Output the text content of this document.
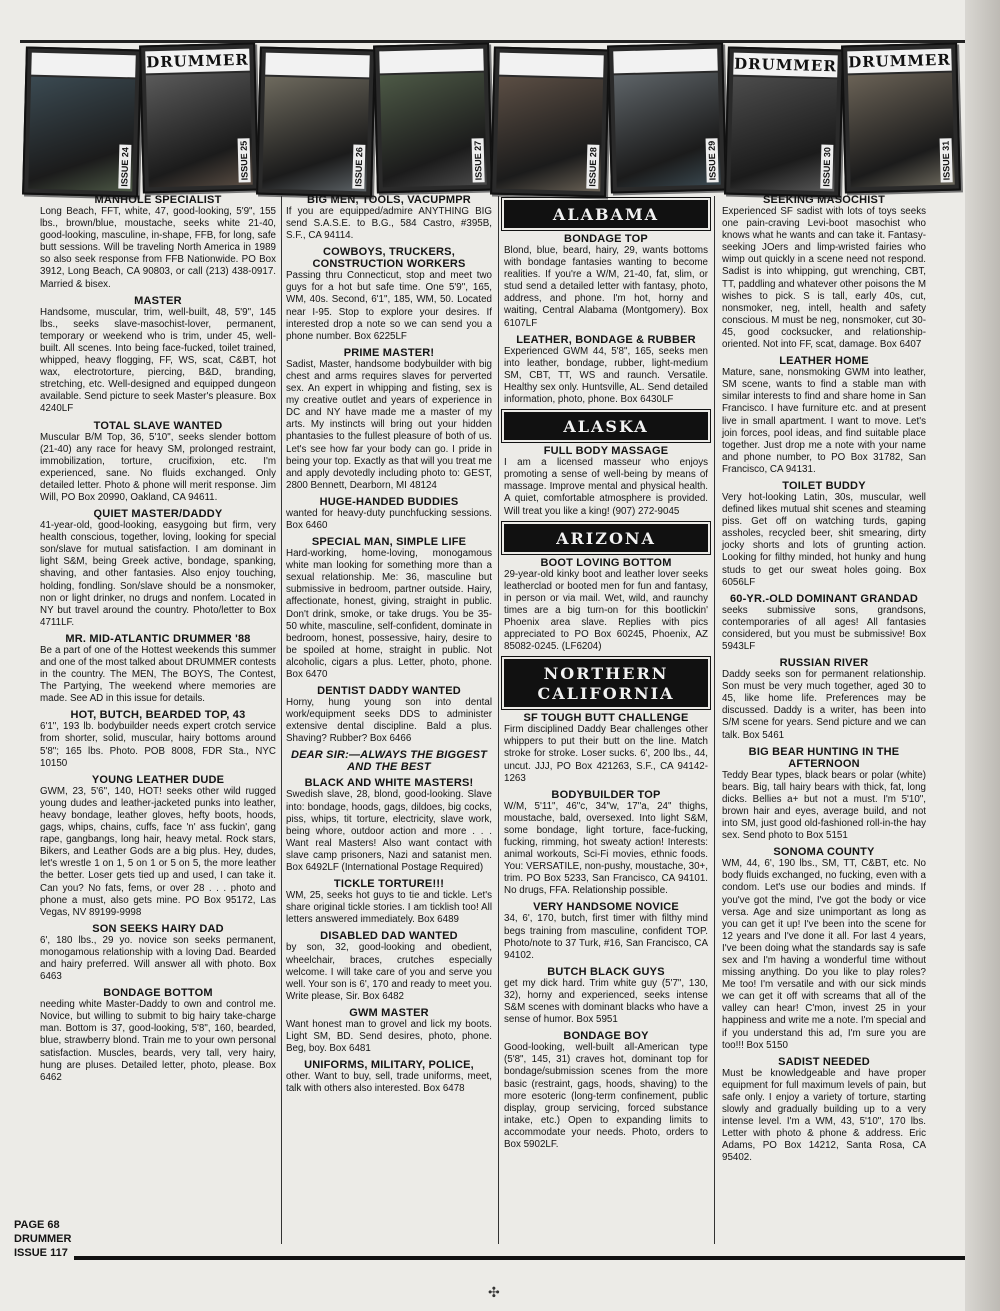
ISSUE 24
DRUMMER
ISSUE 25	ISSUE 26	ISSUE 27	ISSUE 28	ISSUE 29
DRUMMER
ISSUE 30
DRUMMER
ISSUE 31
MANHOLE SPECIALIST

Long Beach, FFT, white, 47, good-looking, 5'9", 155 lbs., brown/blue, moustache, seeks white 21-40, good-looking, masculine, in-shape, FFB, for long, safe butt sessions. Will be traveling North America in 1989 so also seek response from FFB Nationwide. PO Box 3912, Long Beach, CA 90803, or call (213) 438-0917. Married & bisex.

MASTER

Handsome, muscular, trim, well-built, 48, 5'9", 145 lbs., seeks slave-masochist-lover, permanent, temporary or weekend who is trim, under 45, well-built. All scenes. Into being face-fucked, toilet trained, whipped, heavy flogging, FF, WS, scat, C&BT, hot wax, electrotorture, piercing, B&D, branding, stretching, etc. Well-designed and equipped dungeon available. Send picture to seek Master's pleasure. Box 4240LF

TOTAL SLAVE WANTED

Muscular B/M Top, 36, 5'10", seeks slender bottom (21-40) any race for heavy SM, prolonged restraint, immobilization, torture, crucifixion, etc. I'm experienced, sane. No fluids exchanged. Only detailed letter. Photo & phone will merit response. Jim Will, PO Box 20990, Oakland, CA 94611.

QUIET MASTER/DADDY

41-year-old, good-looking, easygoing but firm, very health conscious, together, loving, looking for special son/slave for mutual satisfaction. I am dominant in light S&M, being Greek active, bondage, spanking, shaving, and other fantasies. Also enjoy touching, holding, fondling. Son/slave should be a nonsmoker, non or light drinker, no drugs and nonfem. Located in NY but travel around the country. Photo/letter to Box 4711LF.

MR. MID-ATLANTIC DRUMMER '88

Be a part of one of the Hottest weekends this summer and one of the most talked about DRUMMER contests in the country. The MEN, The BOYS, The Contest, The Partying, The weekend where memories are made. See AD in this issue for details.

HOT, BUTCH, BEARDED TOP, 43

6'1", 193 lb. bodybuilder needs expert crotch service from shorter, solid, muscular, hairy bottoms around 5'8"; 165 lbs. Photo. POB 8008, FDR Sta., NYC 10150

YOUNG LEATHER DUDE

GWM, 23, 5'6", 140, HOT! seeks other wild rugged young dudes and leather-jacketed punks into leather, heavy bondage, leather gloves, hefty boots, hoods, gags, whips, chains, cuffs, face 'n' ass fuckin', gang rape, gangbangs, long hair, heavy metal. Rock stars, Bikers, and Leather Gods are a big plus. Hey, dudes, let's wrestle 1 on 1, 5 on 1 or 5 on 5, the more leather the better. Loser gets tied up and used, I can take it. Can you? No fats, fems, or over 28 . . . photo and phone a must, also gets mine. PO Box 95172, Las Vegas, NV 89199-9998

SON SEEKS HAIRY DAD

6', 180 lbs., 29 yo. novice son seeks permanent, monogamous relationship with a loving Dad. Bearded and hairy preferred. Will answer all with photo. Box 6463

BONDAGE BOTTOM

needing white Master-Daddy to own and control me. Novice, but willing to submit to big hairy take-charge man. Bottom is 37, good-looking, 5'8", 160, bearded, blue, strawberry blond. Train me to your own personal satisfaction. Muscles, beards, very tall, very hairy, hung are pluses. Detailed letter, photo, please. Box 6462

BIG MEN, TOOLS, VACUPMPR

If you are equipped/admire ANYTHING BIG send S.A.S.E. to B.G., 584 Castro, #395B, S.F., CA 94114.

COWBOYS, TRUCKERS, CONSTRUCTION WORKERS

Passing thru Connecticut, stop and meet two guys for a hot but safe time. One 5'9", 165, WM, 40s. Second, 6'1", 185, WM, 50. Located near I-95. Stop to explore your desires. If interested drop a note so we can send you a phone number. Box 6225LF

PRIME MASTER!

Sadist, Master, handsome bodybuilder with big chest and arms requires slaves for perverted sex. An expert in whipping and fisting, sex is my creative outlet and years of experience in DC and NY have made me a master of my arts. My instincts will bring out your hidden phantasies to the fullest pleasure of both of us. Let's see how far your body can go. I pride in being your top. Exactly as that will you treat me and apply devotedly including photo to: GEST, 2800 Bennett, Dearborn, MI 48124

HUGE-HANDED BUDDIES

wanted for heavy-duty punchfucking sessions. Box 6460

SPECIAL MAN, SIMPLE LIFE

Hard-working, home-loving, monogamous white man looking for something more than a sexual relationship. Me: 36, masculine but submissive in bedroom, partner outside. Hairy, affectionate, honest, giving, straight in public. Don't drink, smoke, or take drugs. You be 35-50 white, masculine, self-confident, dominate in bedroom, honest, possessive, hairy, desire to be spoiled at home, straight in public. Not alcoholic, cigars a plus. Letter, photo, phone. Box 6470

DENTIST DADDY WANTED

Horny, hung young son into dental work/equipment seeks DDS to administer extensive dental discipline. Bald a plus. Shaving? Rubber? Box 6466

DEAR SIR:—ALWAYS THE BIGGEST AND THE BEST
BLACK AND WHITE MASTERS!

Swedish slave, 28, blond, good-looking. Slave into: bondage, hoods, gags, dildoes, big cocks, piss, whips, tit torture, electricity, slave work, being whore, outdoor action and more . . . Want real Masters! Also want contact with slave camp prisoners, Nazi and satanist men. Box 6492LF (International Postage Required)

TICKLE TORTURE!!!

WM, 25, seeks hot guys to tie and tickle. Let's share original tickle stories. I am ticklish too! All letters answered immediately. Box 6489

DISABLED DAD WANTED

by son, 32, good-looking and obedient, wheelchair, braces, crutches especially welcome. I will take care of you and serve you well. Your son is 6', 170 and ready to meet you. Write please, Sir. Box 6482

GWM MASTER

Want honest man to grovel and lick my boots. Light SM, BD. Send desires, photo, phone. Beg, boy. Box 6481

UNIFORMS, MILITARY, POLICE,

other. Want to buy, sell, trade uniforms, meet, talk with others also interested. Box 6478

ALABAMA
BONDAGE TOP

Blond, blue, beard, hairy, 29, wants bottoms with bondage fantasies wanting to become realities. If you're a W/M, 21-40, fat, slim, or stud send a detailed letter with fantasy, photo, address, and phone. I'm hot, horny and waiting, Central Alabama (Montgomery). Box 6107LF

LEATHER, BONDAGE & RUBBER

Experienced GWM 44, 5'8", 165, seeks men into leather, bondage, rubber, light-medium SM, CBT, TT, WS and raunch. Versatile. Healthy sex only. Huntsville, AL. Send detailed information, photo, phone. Box 6430LF

ALASKA
FULL BODY MASSAGE

I am a licensed masseur who enjoys promoting a sense of well-being by means of massage. Improve mental and physical health. A quiet, comfortable atmosphere is provided. Will treat you like a king! (907) 272-9045

ARIZONA
BOOT LOVING BOTTOM

29-year-old kinky boot and leather lover seeks leatherclad or booted men for fun and fantasy, in person or via mail. Wet, wild, and raunchy times are a big turn-on for this bootlickin' Phoenix area slave. Replies with pics appreciated to PO Box 60245, Phoenix, AZ 85082-0245. (LF6204)

NORTHERN CALIFORNIA
SF TOUGH BUTT CHALLENGE

Firm disciplined Daddy Bear challenges other whippers to put their butt on the line. Match stroke for stroke. Loser sucks. 6', 200 lbs., 44, uncut. JJJ, PO Box 421263, S.F., CA 94142-1263

BODYBUILDER TOP

W/M, 5'11", 46"c, 34"w, 17"a, 24" thighs, moustache, bald, oversexed. Into light S&M, some bondage, light torture, face-fucking, fucking, rimming, hot sweaty action! Interests: animal workouts, Sci-Fi movies, ethnic foods. You: VERSATILE, non-pushy, moustache, 30+, trim. PO Box 5233, San Francisco, CA 94101. No drugs, FFA. Relationship possible.

VERY HANDSOME NOVICE

34, 6', 170, butch, first timer with filthy mind begs training from masculine, confident TOP. Photo/note to 37 Turk, #16, San Francisco, CA 94102.

BUTCH BLACK GUYS

get my dick hard. Trim white guy (5'7", 130, 32), horny and experienced, seeks intense S&M scenes with dominant blacks who have a sense of humor. Box 5951

BONDAGE BOY

Good-looking, well-built all-American type (5'8", 145, 31) craves hot, dominant top for bondage/submission scenes from the more basic (restraint, gags, hoods, shaving) to the more esoteric (long-term confinement, public display, group servicing, forced substance intake, etc.) Open to expanding limits to accommodate your needs. Photo, orders to Box 5902LF.

SEEKING MASOCHIST

Experienced SF sadist with lots of toys seeks one pain-craving Levi-boot masochist who knows what he wants and can take it. Fantasy-seeking JOers and limp-wristed fairies who wimp out quickly in a scene need not respond. Sadist is into whipping, gut wrenching, CBT, TT, paddling and whatever other poisons the M wishes to pick. S is tall, early 40s, cut, nonsmoker, neg, intell, health and safety conscious. M must be neg, nonsmoker, cut 30-45, good cocksucker, and relationship-oriented. Not into FF, scat, damage. Box 6407

LEATHER HOME

Mature, sane, nonsmoking GWM into leather, SM scene, wants to find a stable man with similar interests to find and share home in San Francisco. I have furniture etc. and at present live in small apartment. I want to move. Let's join forces, pool ideas, and find suitable place together. Just drop me a note with your name and phone number, to PO Box 31782, San Francisco, CA 94131.

TOILET BUDDY

Very hot-looking Latin, 30s, muscular, well defined likes mutual shit scenes and steaming piss. Get off on watching turds, gaping assholes, recycled beer, shit smearing, dirty jocky shorts and lots of grunting action. Looking for filthy minded, hot hunky and hung studs to get our sweat holes going. Box 6056LF

60-YR.-OLD DOMINANT GRANDAD

seeks submissive sons, grandsons, contemporaries of all ages! All fantasies considered, but you must be submissive! Box 5943LF

RUSSIAN RIVER

Daddy seeks son for permanent relationship. Son must be very much together, aged 30 to 45, like home life. Preferences may be discussed. Daddy is a writer, has been into S/M scene for years. Send picture and we can talk. Box 5461

BIG BEAR HUNTING IN THE AFTERNOON

Teddy Bear types, black bears or polar (white) bears. Big, tall hairy bears with thick, fat, long dicks. Bellies a+ but not a must. I'm 5'10", brown hair and eyes, average build, and not into SM, just good old-fashioned roll-in-the hay sex. Send photo to Box 5151

SONOMA COUNTY

WM, 44, 6', 190 lbs., SM, TT, C&BT, etc. No body fluids exchanged, no fucking, even with a condom. Let's use our bodies and minds. If you've got the mind, I've got the body or vice versa. Age and size unimportant as long as you can get it up! I've been into the scene for 12 years and I've done it all. For last 4 years, I've been doing what the standards say is safe sex and I'm having a wonderful time without missing anything. Do you like to play roles? Me too! I'm versatile and with our sick minds we can get it off with screams that all of the valley can hear! C'mon, invest 25 in your happiness and write me a note. I'm special and if you understand this ad, I'm sure you are too!!! Box 5150

SADIST NEEDED

Must be knowledgeable and have proper equipment for full maximum levels of pain, but safe only. I enjoy a variety of torture, starting slowly and gradually building up to a very intense level. I'm a WM, 43, 5'10", 170 lbs. Letter with photo & phone & address. Eric Adams, PO Box 14212, Santa Rosa, CA 95402.

PAGE 68
DRUMMER
ISSUE 117
✣
